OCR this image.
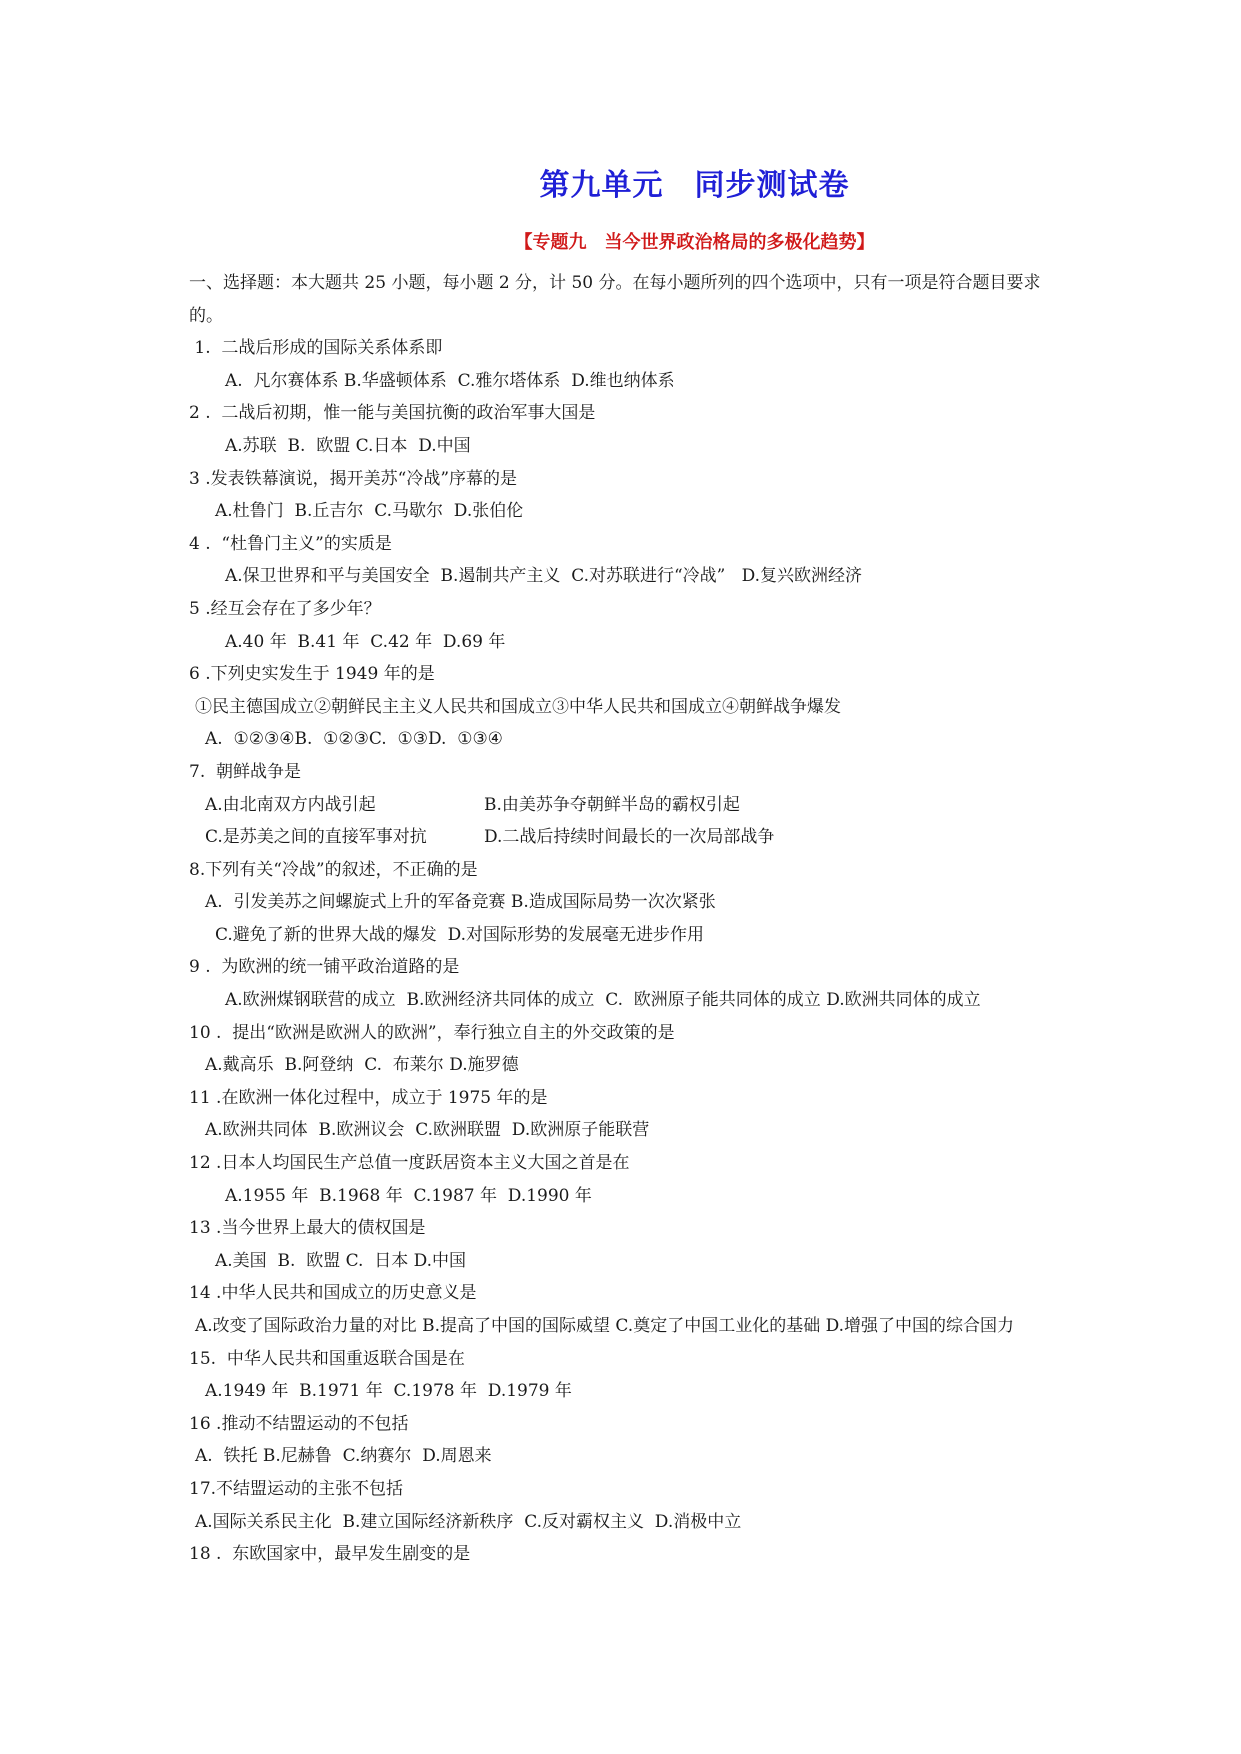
第九单元　同步测试卷
【专题九　当今世界政治格局的多极化趋势】
一、选择题：本大题共 25 小题，每小题 2 分，计 50 分。在每小题所列的四个选项中，只有一项是符合题目要求的。
1.  二战后形成的国际关系体系即
A.  凡尔赛体系 B.华盛顿体系  C.雅尔塔体系  D.维也纳体系
2 .  二战后初期，惟一能与美国抗衡的政治军事大国是
A.苏联  B.  欧盟 C.日本  D.中国
3 .发表铁幕演说，揭开美苏“冷战”序幕的是
A.杜鲁门  B.丘吉尔  C.马歇尔  D.张伯伦
4 .  “杜鲁门主义”的实质是
A.保卫世界和平与美国安全  B.遏制共产主义  C.对苏联进行“冷战”   D.复兴欧洲经济
5 .经互会存在了多少年？
A.40 年  B.41 年  C.42 年  D.69 年
6 .下列史实发生于 1949 年的是
①民主德国成立②朝鲜民主主义人民共和国成立③中华人民共和国成立④朝鲜战争爆发
A.  ①②③④B.  ①②③C.  ①③D.  ①③④
7.  朝鲜战争是
A.由北南双方内战引起	B.由美苏争夺朝鲜半岛的霸权引起
C.是苏美之间的直接军事对抗	D.二战后持续时间最长的一次局部战争
8.下列有关“冷战”的叙述，不正确的是
A.  引发美苏之间螺旋式上升的军备竞赛 B.造成国际局势一次次紧张
C.避免了新的世界大战的爆发  D.对国际形势的发展毫无进步作用
9 .  为欧洲的统一铺平政治道路的是
A.欧洲煤钢联营的成立  B.欧洲经济共同体的成立  C.  欧洲原子能共同体的成立 D.欧洲共同体的成立
10 .  提出“欧洲是欧洲人的欧洲”，奉行独立自主的外交政策的是
A.戴高乐  B.阿登纳  C.  布莱尔 D.施罗德
11 .在欧洲一体化过程中，成立于 1975 年的是
A.欧洲共同体  B.欧洲议会  C.欧洲联盟  D.欧洲原子能联营
12 .日本人均国民生产总值一度跃居资本主义大国之首是在
A.1955 年  B.1968 年  C.1987 年  D.1990 年
13 .当今世界上最大的债权国是
A.美国  B.  欧盟 C.  日本 D.中国
14 .中华人民共和国成立的历史意义是
A.改变了国际政治力量的对比 B.提高了中国的国际威望 C.奠定了中国工业化的基础 D.增强了中国的综合国力
15.  中华人民共和国重返联合国是在
A.1949 年  B.1971 年  C.1978 年  D.1979 年
16 .推动不结盟运动的不包括
A.  铁托 B.尼赫鲁  C.纳赛尔  D.周恩来
17.不结盟运动的主张不包括
A.国际关系民主化  B.建立国际经济新秩序  C.反对霸权主义  D.消极中立
18 .  东欧国家中，最早发生剧变的是
